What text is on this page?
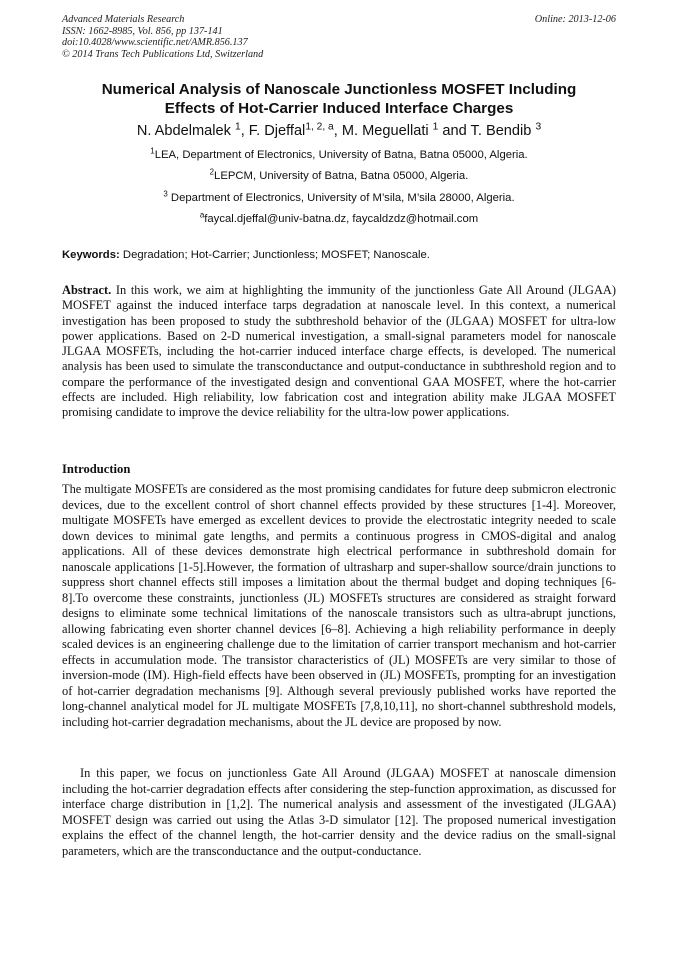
Advanced Materials Research
ISSN: 1662-8985, Vol. 856, pp 137-141
doi:10.4028/www.scientific.net/AMR.856.137
© 2014 Trans Tech Publications Ltd, Switzerland
Online: 2013-12-06
Numerical Analysis of Nanoscale Junctionless MOSFET Including
Effects of Hot-Carrier Induced Interface Charges
N. Abdelmalek $^1$, F. Djeffal$^{1, 2, a}$, M. Meguellati $^1$ and T. Bendib $^3$
$^1$LEA, Department of Electronics, University of Batna, Batna 05000, Algeria.
$^2$LEPCM, University of Batna, Batna 05000, Algeria.
$^3$ Department of Electronics, University of M’sila, M’sila 28000, Algeria.
$^a$faycal.djeffal@univ-batna.dz, faycaldzdz@hotmail.com
Keywords: Degradation; Hot-Carrier; Junctionless; MOSFET; Nanoscale.
Abstract. In this work, we aim at highlighting the immunity of the junctionless Gate All Around (JLGAA) MOSFET against the induced interface tarps degradation at nanoscale level. In this context, a numerical investigation has been proposed to study the subthreshold behavior of the (JLGAA) MOSFET for ultra-low power applications. Based on 2-D numerical investigation, a small-signal parameters model for nanoscale JLGAA MOSFETs, including the hot-carrier induced interface charge effects, is developed. The numerical analysis has been used to simulate the transconductance and output-conductance in subthreshold region and to compare the performance of the investigated design and conventional GAA MOSFET, where the hot-carrier effects are included. High reliability, low fabrication cost and integration ability make JLGAA MOSFET promising candidate to improve the device reliability for the ultra-low power applications.
Introduction
The multigate MOSFETs are considered as the most promising candidates for future deep submicron electronic devices, due to the excellent control of short channel effects provided by these structures [1-4]. Moreover, multigate MOSFETs have emerged as excellent devices to provide the electrostatic integrity needed to scale down devices to minimal gate lengths, and permits a continuous progress in CMOS-digital and analog applications. All of these devices demonstrate high electrical performance in subthreshold domain for nanoscale applications [1-5].However, the formation of ultrasharp and super-shallow source/drain junctions to suppress short channel effects still imposes a limitation about the thermal budget and doping techniques [6-8].To overcome these constraints, junctionless (JL) MOSFETs structures are considered as straight forward designs to eliminate some technical limitations of the nanoscale transistors such as ultra-abrupt junctions, allowing fabricating even shorter channel devices [6–8]. Achieving a high reliability performance in deeply scaled devices is an engineering challenge due to the limitation of carrier transport mechanism and hot-carrier effects in accumulation mode. The transistor characteristics of (JL) MOSFETs are very similar to those of inversion-mode (IM). High-field effects have been observed in (JL) MOSFETs, prompting for an investigation of hot-carrier degradation mechanisms [9]. Although several previously published works have reported the long-channel analytical model for JL multigate MOSFETs [7,8,10,11], no short-channel subthreshold models, including hot-carrier degradation mechanisms, about the JL device are proposed by now.
In this paper, we focus on junctionless Gate All Around (JLGAA) MOSFET at nanoscale dimension including the hot-carrier degradation effects after considering the step-function approximation, as discussed for interface charge distribution in [1,2]. The numerical analysis and assessment of the investigated (JLGAA) MOSFET design was carried out using the Atlas 3-D simulator [12]. The proposed numerical investigation explains the effect of the channel length, the hot-carrier density and the device radius on the small-signal parameters, which are the transconductance and the output-conductance.
